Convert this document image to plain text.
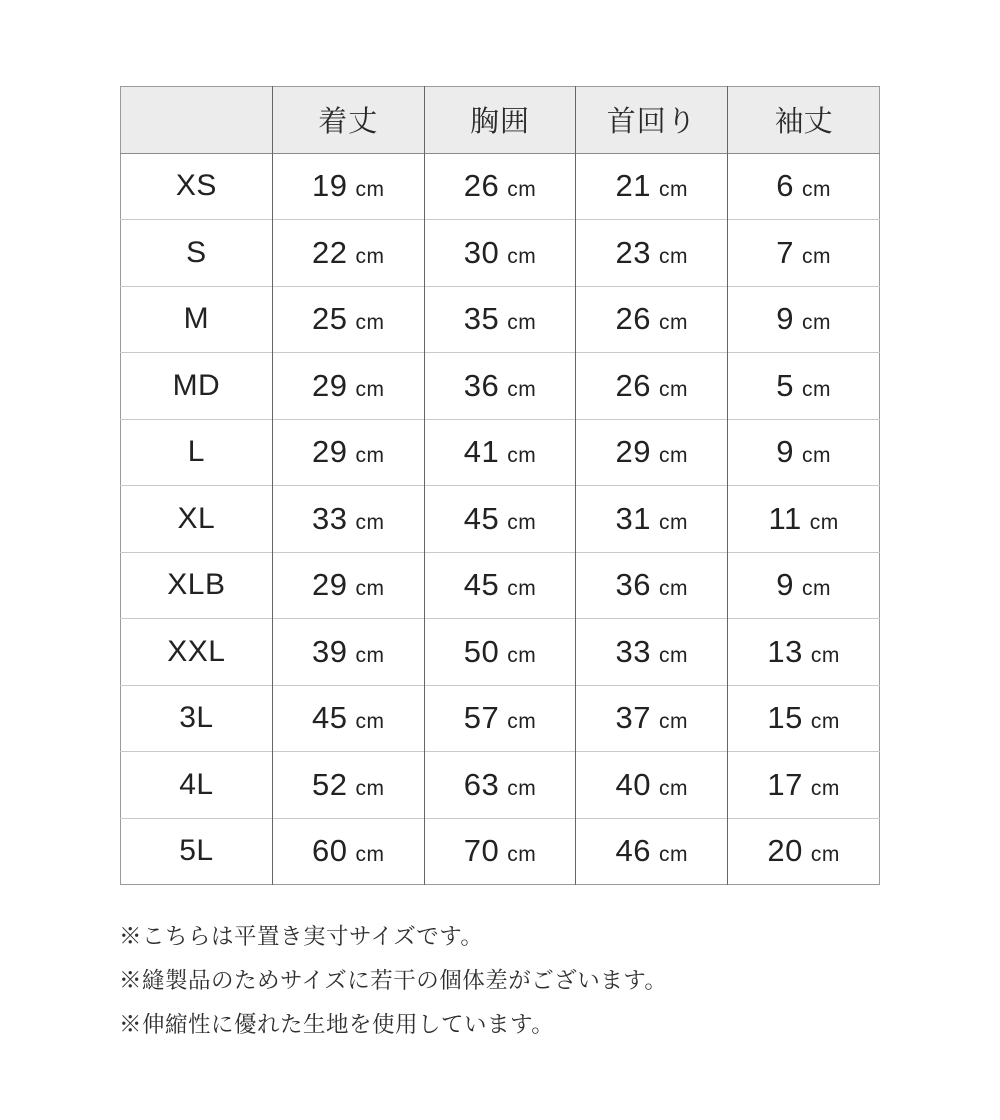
	着丈	胸囲	首回り	袖丈
XS	19 cm	26 cm	21 cm	6 cm
S	22 cm	30 cm	23 cm	7 cm
M	25 cm	35 cm	26 cm	9 cm
MD	29 cm	36 cm	26 cm	5 cm
L	29 cm	41 cm	29 cm	9 cm
XL	33 cm	45 cm	31 cm	11 cm
XLB	29 cm	45 cm	36 cm	9 cm
XXL	39 cm	50 cm	33 cm	13 cm
3L	45 cm	57 cm	37 cm	15 cm
4L	52 cm	63 cm	40 cm	17 cm
5L	60 cm	70 cm	46 cm	20 cm
※こちらは平置き実寸サイズです。
※縫製品のためサイズに若干の個体差がございます。
※伸縮性に優れた生地を使用しています。
